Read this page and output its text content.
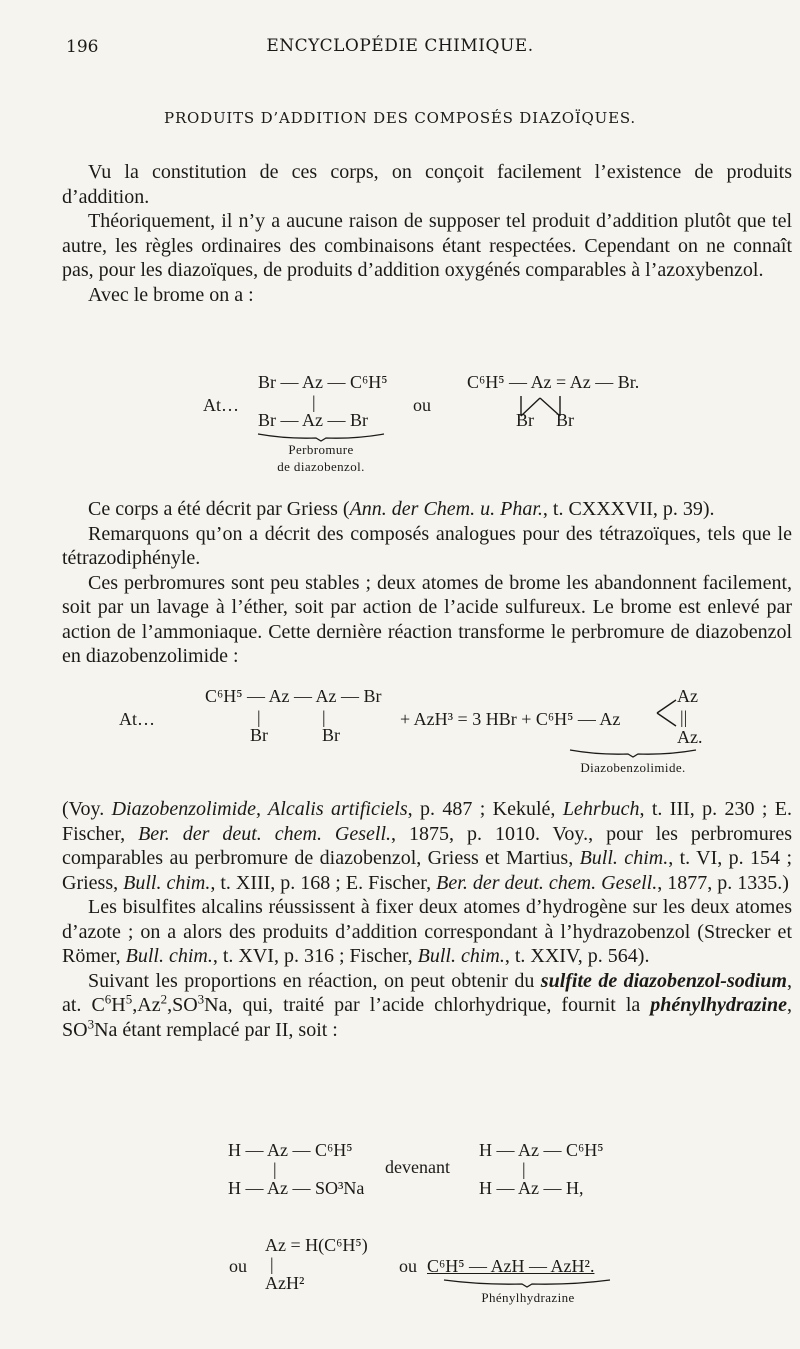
196	ENCYCLOPÉDIE CHIMIQUE.
PRODUITS D’ADDITION DES COMPOSÉS DIAZOÏQUES.

Vu la constitution de ces corps, on conçoit facilement l’existence de produits d’addition.

Théoriquement, il n’y a aucune raison de supposer tel produit d’addition plutôt que tel autre, les règles ordinaires des combinaisons étant respectées. Cependant on ne connaît pas, pour les diazoïques, de produits d’addition oxygénés comparables à l’azoxybenzol.

Avec le brome on a :

At…
Br — Az — C⁶H⁵
|
Br — Az — Br
ou
C⁶H⁵ — Az = Az — Br.
Br Br
Perbromure
de diazobenzol.

Ce corps a été décrit par Griess (Ann. der Chem. u. Phar., t. CXXXVII, p. 39).

Remarquons qu’on a décrit des composés analogues pour des tétrazoïques, tels que le tétrazodiphényle.

Ces perbromures sont peu stables ; deux atomes de brome les abandonnent facilement, soit par un lavage à l’éther, soit par action de l’acide sulfureux. Le brome est enlevé par action de l’ammoniaque. Cette dernière réaction transforme le perbromure de diazobenzol en diazobenzolimide :

At…
C⁶H⁵ — Az — Az — Br
|	|
Br	Br
+ AzH³ = 3 HBr + C⁶H⁵ — Az
Az
||
Az.
Diazobenzolimide.

(Voy. Diazobenzolimide, Alcalis artificiels, p. 487 ; Kekulé, Lehrbuch, t. III, p. 230 ; E. Fischer, Ber. der deut. chem. Gesell., 1875, p. 1010. Voy., pour les perbromures comparables au perbromure de diazobenzol, Griess et Martius, Bull. chim., t. VI, p. 154 ; Griess, Bull. chim., t. XIII, p. 168 ; E. Fischer, Ber. der deut. chem. Gesell., 1877, p. 1335.)

Les bisulfites alcalins réussissent à fixer deux atomes d’hydrogène sur les deux atomes d’azote ; on a alors des produits d’addition correspondant à l’hydrazobenzol (Strecker et Römer, Bull. chim., t. XVI, p. 316 ; Fischer, Bull. chim., t. XXIV, p. 564).

Suivant les proportions en réaction, on peut obtenir du sulfite de diazobenzol-sodium, at. $C^6H^5,Az^2,SO^3Na$, qui, traité par l’acide chlorhydrique, fournit la phénylhydrazine, $SO^3Na$ étant remplacé par II, soit :

H — Az — C⁶H⁵
|
H — Az — SO³Na
devenant
H — Az — C⁶H⁵
|
H — Az — H,
ou
Az = H(C⁶H⁵)
|
AzH²
ou C⁶H⁵ — AzH — AzH².
Phénylhydrazine
